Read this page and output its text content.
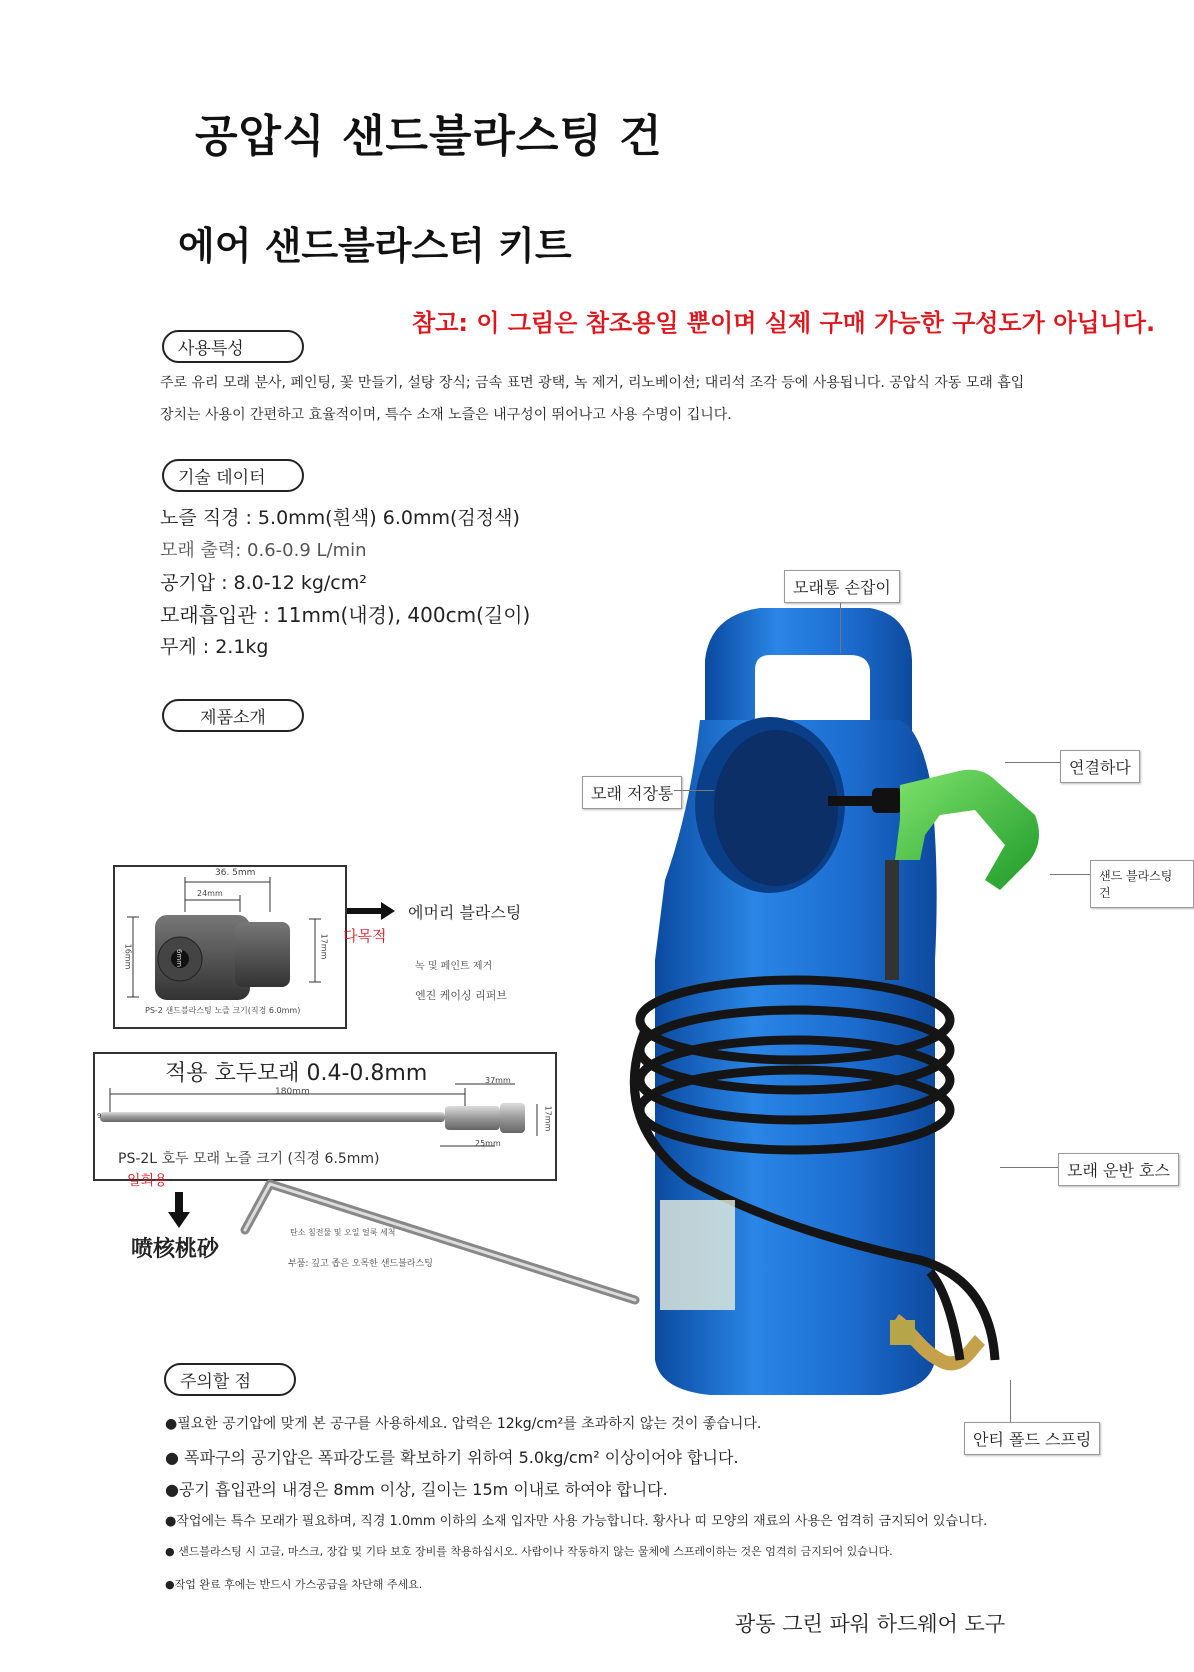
공압식 샌드블라스팅 건
에어 샌드블라스터 키트
참고: 이 그림은 참조용일 뿐이며 실제 구매 가능한 구성도가 아닙니다.
사용특성
주로 유리 모래 분사, 페인팅, 꽃 만들기, 설탕 장식; 금속 표면 광택, 녹 제거, 리노베이션; 대리석 조각 등에 사용됩니다. 공압식 자동 모래 흡입
장치는 사용이 간편하고 효율적이며, 특수 소재 노즐은 내구성이 뛰어나고 사용 수명이 깁니다.
기술 데이터
노즐 직경 : 5.0mm(흰색) 6.0mm(검정색)
모래 출력: 0.6-0.9 L/min
공기압 : 8.0-12 kg/cm²
모래흡입관 : 11mm(내경), 400cm(길이)
무게 : 2.1kg
제품소개
36. 5mm
24mm
16mm	17mm
6mm
PS-2 샌드블라스팅 노즐 크기(직경 6.0mm)
에머리 블라스팅
다목적
녹 및 페인트 제거
엔진 케이싱 리퍼브
적용 호두모래 0.4-0.8mm
180mm
37mm
25mm
17mm
9
PS-2L 호두 모래 노즐 크기 (직경 6.5mm)
일회용
喷核桃砂
탄소 침전물 및 오일 얼룩 세척
부품: 깊고 좁은 오목한 샌드블라스팅
모래통 손잡이
모래 저장통
연결하다
샌드 블라스팅 건
모래 운반 호스
안티 폴드 스프링
주의할 점
●필요한 공기압에 맞게 본 공구를 사용하세요. 압력은 12kg/cm²를 초과하지 않는 것이 좋습니다.
● 폭파구의 공기압은 폭파강도를 확보하기 위하여 5.0kg/cm² 이상이어야 합니다.
●공기 흡입관의 내경은 8mm 이상, 길이는 15m 이내로 하여야 합니다.
●작업에는 특수 모래가 필요하며, 직경 1.0mm 이하의 소재 입자만 사용 가능합니다. 황사나 띠 모양의 재료의 사용은 엄격히 금지되어 있습니다.
● 샌드블라스팅 시 고글, 마스크, 장갑 및 기타 보호 장비를 착용하십시오. 사람이나 작동하지 않는 물체에 스프레이하는 것은 엄격히 금지되어 있습니다.
●작업 완료 후에는 반드시 가스공급을 차단해 주세요.
광동 그린 파워 하드웨어 도구
